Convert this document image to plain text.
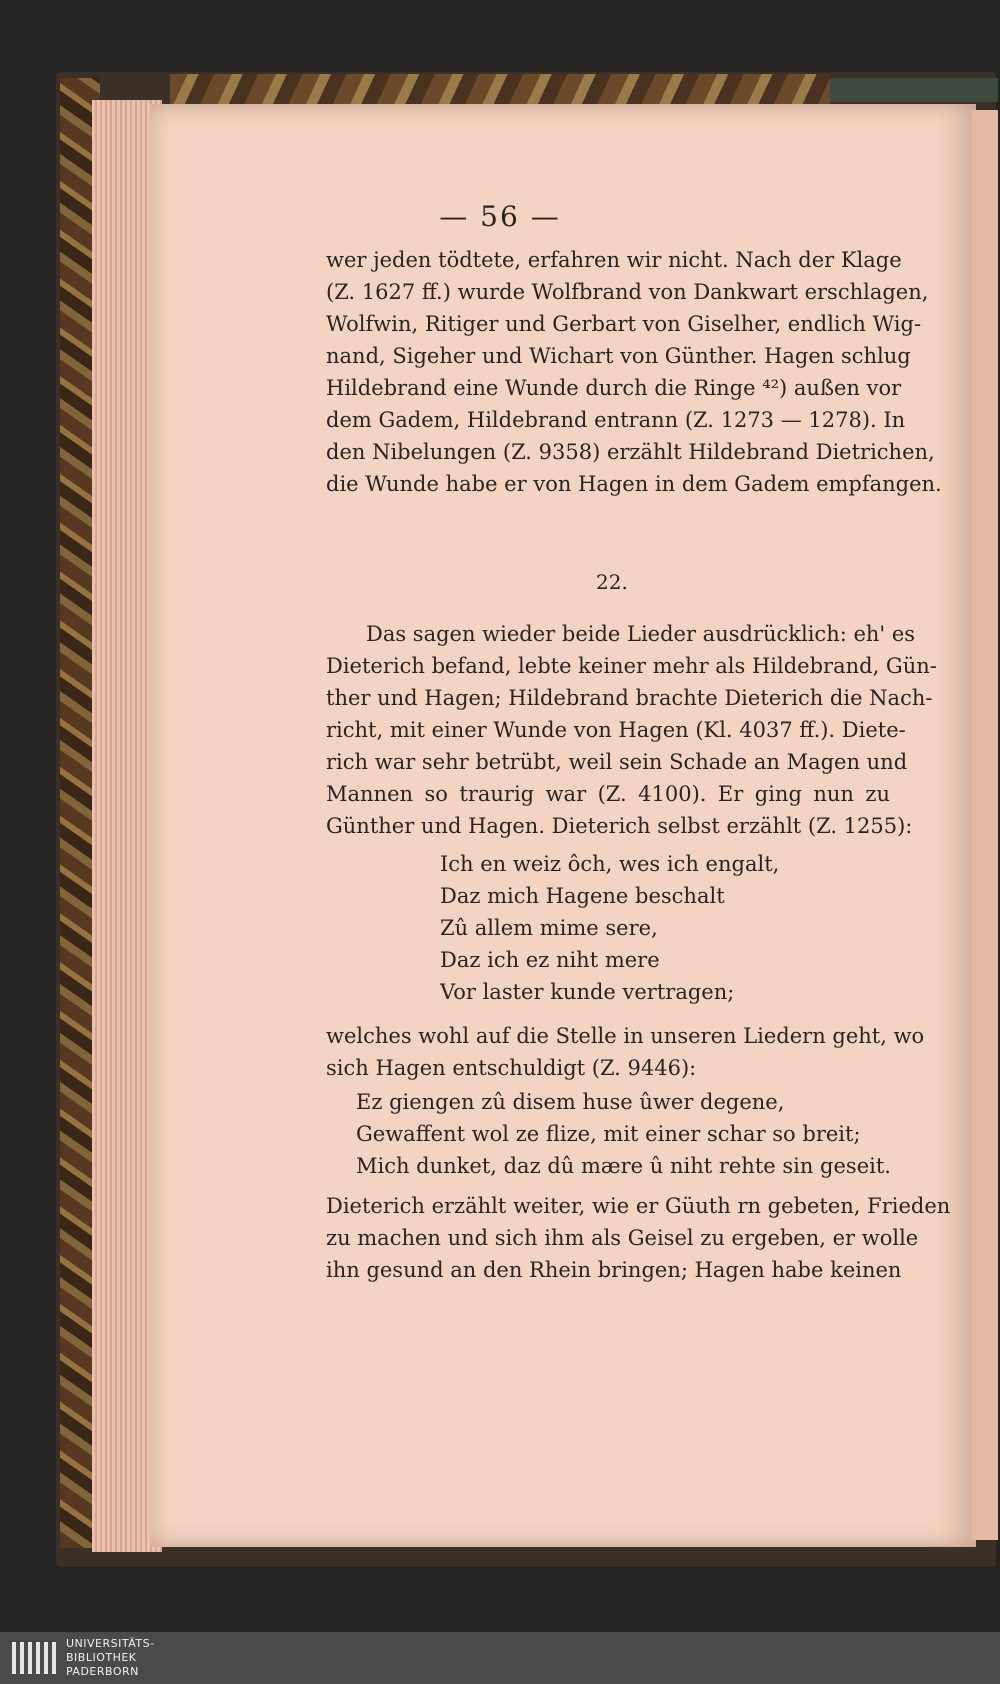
— 56 —
wer jeden tödtete, erfahren wir nicht. Nach der Klage
(Z. 1627 ff.) wurde Wolfbrand von Dankwart erschlagen,
Wolfwin, Ritiger und Gerbart von Giselher, endlich Wig-
nand, Sigeher und Wichart von Günther. Hagen schlug
Hildebrand eine Wunde durch die Ringe ⁴²) außen vor
dem Gadem, Hildebrand entrann (Z. 1273 — 1278). In
den Nibelungen (Z. 9358) erzählt Hildebrand Dietrichen,
die Wunde habe er von Hagen in dem Gadem empfangen.
22.
Das sagen wieder beide Lieder ausdrücklich: eh' es
Dieterich befand, lebte keiner mehr als Hildebrand, Gün-
ther und Hagen; Hildebrand brachte Dieterich die Nach-
richt, mit einer Wunde von Hagen (Kl. 4037 ff.). Diete-
rich war sehr betrübt, weil sein Schade an Magen und
Mannen so traurig war (Z. 4100). Er ging nun zu
Günther und Hagen. Dieterich selbst erzählt (Z. 1255):
Ich en weiz ôch, wes ich engalt,
Daz mich Hagene beschalt
Zû allem mime sere,
Daz ich ez niht mere
Vor laster kunde vertragen;
welches wohl auf die Stelle in unseren Liedern geht, wo
sich Hagen entschuldigt (Z. 9446):
Ez giengen zû disem huse ûwer degene,
Gewaffent wol ze flize, mit einer schar so breit;
Mich dunket, daz dû mære û niht rehte sin geseit.
Dieterich erzählt weiter, wie er Güuth rn gebeten, Frieden
zu machen und sich ihm als Geisel zu ergeben, er wolle
ihn gesund an den Rhein bringen; Hagen habe keinen
UNIVERSITÄTS-
BIBLIOTHEK
PADERBORN
